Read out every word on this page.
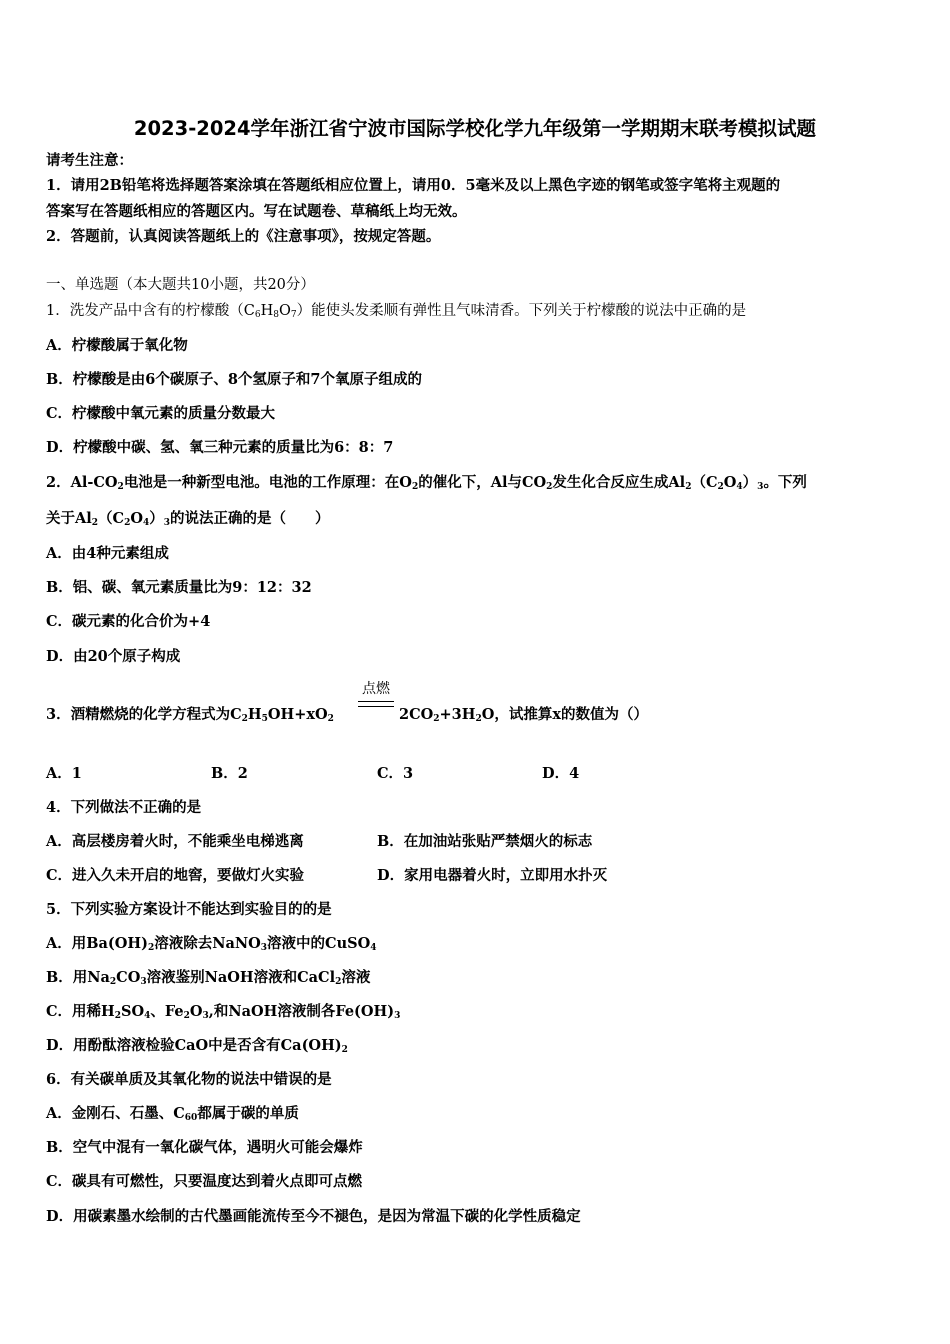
2023-2024学年浙江省宁波市国际学校化学九年级第一学期期末联考模拟试题
请考生注意：
1．请用2B铅笔将选择题答案涂填在答题纸相应位置上，请用0．5毫米及以上黑色字迹的钢笔或签字笔将主观题的
答案写在答题纸相应的答题区内。写在试题卷、草稿纸上均无效。
2．答题前，认真阅读答题纸上的《注意事项》，按规定答题。
一、单选题（本大题共10小题，共20分）
1．洗发产品中含有的柠檬酸$(C_6H_8O_7)$能使头发柔顺有弹性且气味清香。下列关于柠檬酸的说法中正确的是
A．柠檬酸属于氧化物
B．柠檬酸是由6个碳原子、8个氢原子和7个氧原子组成的
C．柠檬酸中氧元素的质量分数最大
D．柠檬酸中碳、氢、氧三种元素的质量比为6：8：7
2．$Al-CO_2$电池是一种新型电池。电池的工作原理：在$O_2$的催化下，Al与$CO_2$发生化合反应生成$Al_2(C_2O_4)_3$。下列
关于$Al_2(C_2O_4)_3$的说法正确的是（　　）
A．由4种元素组成
B．铝、碳、氧元素质量比为9：12：32
C．碳元素的化合价为+4
D．由20个原子构成
点燃
3．酒精燃烧的化学方程式为$C_2H_5OH+xO_2$	$2CO_2+3H_2O$，试推算x的数值为（）
A．1	B．2	C．3	D．4
4．下列做法不正确的是
A．高层楼房着火时，不能乘坐电梯逃离	B．在加油站张贴严禁烟火的标志
C．进入久未开启的地窖，要做灯火实验	D．家用电器着火时，立即用水扑灭
5．下列实验方案设计不能达到实验目的的是
A．用$Ba(OH)_2$溶液除去NaNO$_3$溶液中的CuSO$_4$
B．用$Na_2CO_3$溶液鉴别NaOH溶液和CaCl$_2$溶液
C．用稀$H_2SO_4$、$Fe_2O_3$,和NaOH溶液制各$Fe(OH)_3$
D．用酚酞溶液检验CaO中是否含有$Ca(OH)_2$
6．有关碳单质及其氧化物的说法中错误的是
A．金刚石、石墨、$C_{60}$都属于碳的单质
B．空气中混有一氧化碳气体，遇明火可能会爆炸
C．碳具有可燃性，只要温度达到着火点即可点燃
D．用碳素墨水绘制的古代墨画能流传至今不褪色，是因为常温下碳的化学性质稳定
